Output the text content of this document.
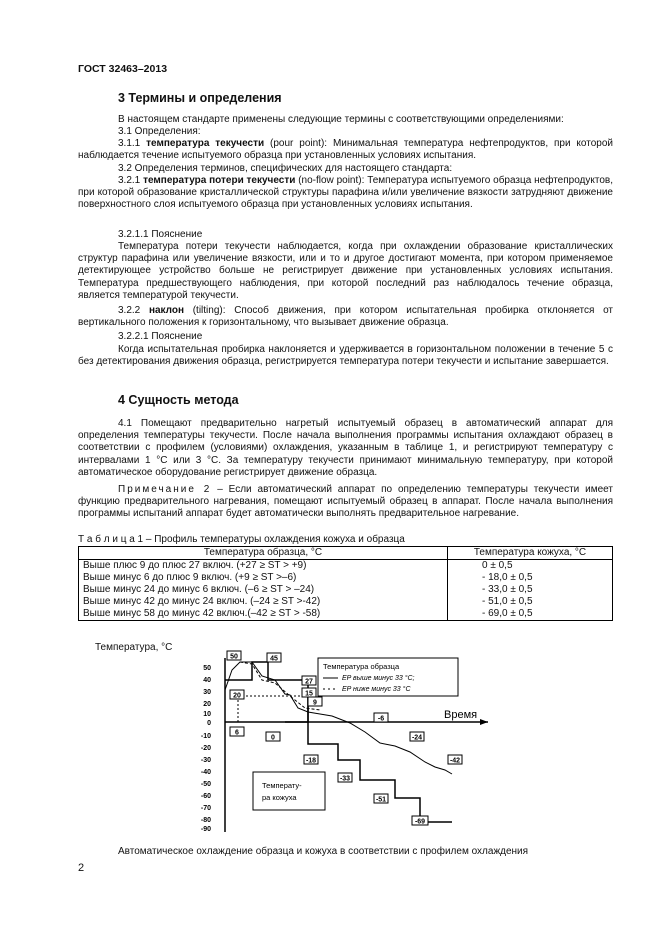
ГОСТ 32463–2013
3 Термины и определения
В настоящем стандарте применены следующие термины с соответствующими определениями:
3.1 Определения:
3.1.1 температура текучести (pour point): Минимальная температура нефтепродуктов, при которой наблюдается течение испытуемого образца при установленных условиях испытания.
3.2 Определения терминов, специфических для настоящего стандарта:
3.2.1 температура потери текучести (no-flow point): Температура испытуемого образца нефтепродуктов, при которой образование кристаллической структуры парафина и/или увеличение вязкости затрудняют движение поверхностного слоя испытуемого образца при установленных условиях испытания.
3.2.1.1 Пояснение
Температура потери текучести наблюдается, когда при охлаждении образование кристаллических структур парафина или увеличение вязкости, или и то и другое достигают момента, при котором применяемое детектирующее устройство больше не регистрирует движение при установленных условиях испытания. Температура предшествующего наблюдения, при которой последний раз наблюдалось течение образца, является температурой текучести.
3.2.2 наклон (tilting): Способ движения, при котором испытательная пробирка отклоняется от вертикального положения к горизонтальному, что вызывает движение образца.
3.2.2.1 Пояснение
Когда испытательная пробирка наклоняется и удерживается в горизонтальном положении в течение 5 с без детектирования движения образца, регистрируется температура потери текучести и испытание завершается.
4 Сущность метода
4.1 Помещают предварительно нагретый испытуемый образец в автоматический аппарат для определения температуры текучести. После начала выполнения программы испытания охлаждают образец в соответствии с профилем (условиями) охлаждения, указанным в таблице 1, и регистрируют температуру с интервалами 1 °С или 3 °С. За температуру текучести принимают минимальную температуру, при которой автоматическое оборудование регистрирует движение образца.
Примечание 2 – Если автоматический аппарат по определению температуры текучести имеет функцию предварительного нагревания, помещают испытуемый образец в аппарат. После начала выполнения программы испытаний аппарат будет автоматически выполнять предварительное нагревание.
Т а б л и ц а 1 – Профиль температуры охлаждения кожуха и образца
Температура образца, °С	Температура кожуха, °С
Выше плюс 9 до плюс 27 включ. (+27 ≥ ST > +9)	0 ± 0,5
Выше минус 6 до плюс 9 включ. (+9 ≥ ST >–6)	- 18,0 ± 0,5
Выше минус 24 до минус 6 включ. (–6 ≥ ST > –24)	- 33,0 ± 0,5
Выше минус 42 до минус 24 включ. (–24 ≥ ST >-42)	- 51,0 ± 0,5
Выше минус 58 до минус 42 включ.(–42 ≥ ST > -58)	- 69,0 ± 0,5
Температура, °С
50
40
30
20
10
0
-10
-20
-30
-40
-50
-60
-70
-80
-90
Время
50	45
27
20	15
9
6
0
-6
-18
-24
-33
-42
-51
-69
Температура образца
EP выше минус 33 °С;
EP ниже минус 33 °С
Температу-
ра кожуха
Автоматическое охлаждение образца и кожуха в соответствии с профилем охлаждения
2
